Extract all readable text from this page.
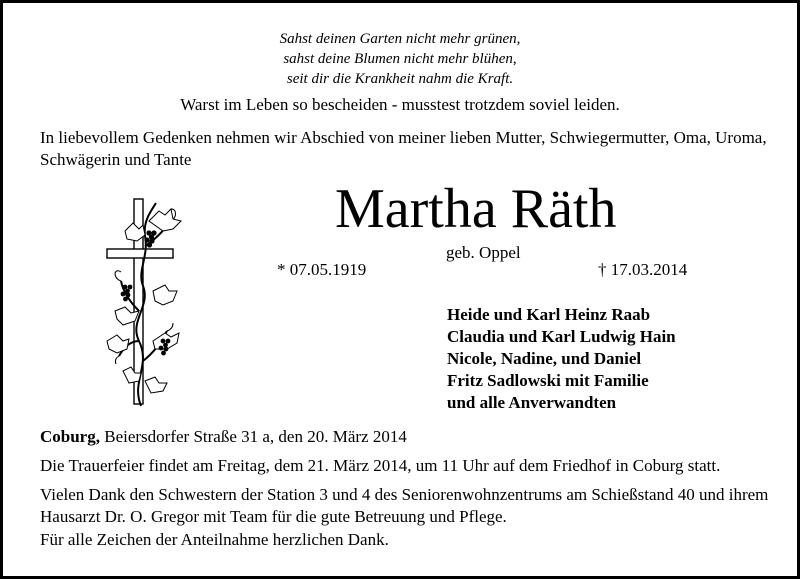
Sahst deinen Garten nicht mehr grünen,
sahst deine Blumen nicht mehr blühen,
seit dir die Krankheit nahm die Kraft.
Warst im Leben so bescheiden - musstest trotzdem soviel leiden.
In liebevollem Gedenken nehmen wir Abschied von meiner lieben Mutter, Schwiegermutter, Oma, Uroma, Schwägerin und Tante
Martha Räth
geb. Oppel
* 07.05.1919	† 17.03.2014
Heide und Karl Heinz Raab
Claudia und Karl Ludwig Hain
Nicole, Nadine, und Daniel
Fritz Sadlowski mit Familie
und alle Anverwandten
Coburg, Beiersdorfer Straße 31 a, den 20. März 2014
Die Trauerfeier findet am Freitag, dem 21. März 2014, um 11 Uhr auf dem Friedhof in Coburg statt.
Vielen Dank den Schwestern der Station 3 und 4 des Seniorenwohnzentrums am Schießstand 40 und ihrem Hausarzt Dr. O. Gregor mit Team für die gute Betreuung und Pflege.
Für alle Zeichen der Anteilnahme herzlichen Dank.
